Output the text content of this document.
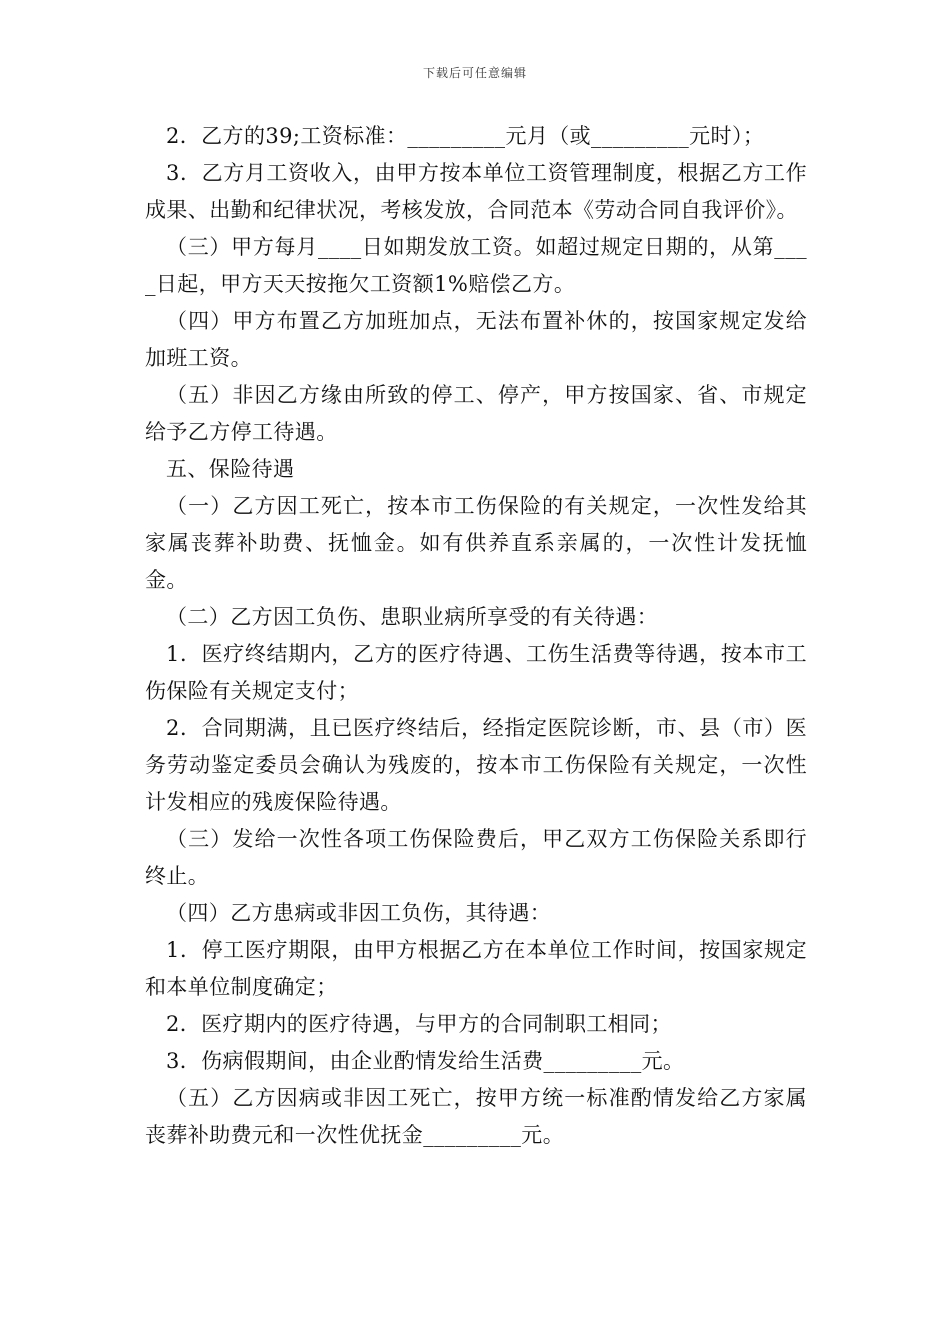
下载后可任意编辑

2．乙方的39;工资标准：_________元月（或_________元时）；

3．乙方月工资收入，由甲方按本单位工资管理制度，根据乙方工作成果、出勤和纪律状况，考核发放，合同范本《劳动合同自我评价》。

（三）甲方每月____日如期发放工资。如超过规定日期的，从第____日起，甲方天天按拖欠工资额1%赔偿乙方。

（四）甲方布置乙方加班加点，无法布置补休的，按国家规定发给加班工资。

（五）非因乙方缘由所致的停工、停产，甲方按国家、省、市规定给予乙方停工待遇。

五、保险待遇

（一）乙方因工死亡，按本市工伤保险的有关规定，一次性发给其家属丧葬补助费、抚恤金。如有供养直系亲属的，一次性计发抚恤金。

（二）乙方因工负伤、患职业病所享受的有关待遇：

1．医疗终结期内，乙方的医疗待遇、工伤生活费等待遇，按本市工伤保险有关规定支付；

2．合同期满，且已医疗终结后，经指定医院诊断，市、县（市）医务劳动鉴定委员会确认为残废的，按本市工伤保险有关规定，一次性计发相应的残废保险待遇。

（三）发给一次性各项工伤保险费后，甲乙双方工伤保险关系即行终止。

（四）乙方患病或非因工负伤，其待遇：

1．停工医疗期限，由甲方根据乙方在本单位工作时间，按国家规定和本单位制度确定；

2．医疗期内的医疗待遇，与甲方的合同制职工相同；

3．伤病假期间，由企业酌情发给生活费_________元。

（五）乙方因病或非因工死亡，按甲方统一标准酌情发给乙方家属丧葬补助费元和一次性优抚金_________元。
